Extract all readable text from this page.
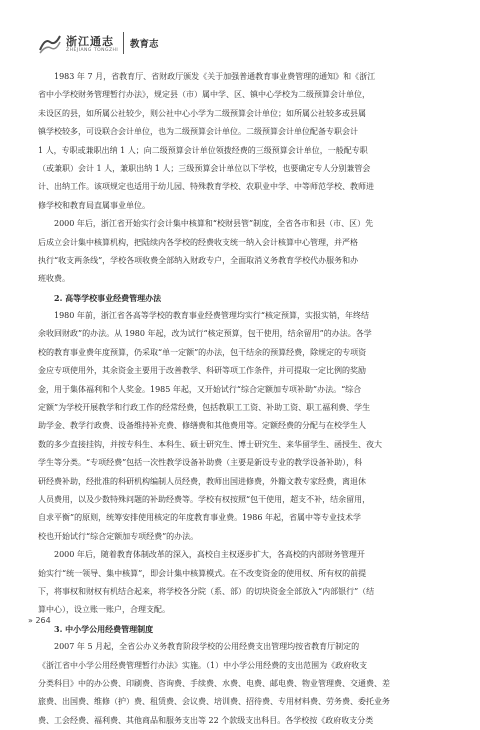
浙江通志
ZHEJIANG TONGZHI
教育志
1983 年 7 月，省教育厅、省财政厅颁发《关于加强普通教育事业费管理的通知》和《浙江
省中小学校财务管理暂行办法》，规定县（市）属中学、区、镇中心学校为二级预算会计单位，
未设区的县，如所属公社较少，则公社中心小学为二级预算会计单位；如所属公社较多或县属
镇学校较多，可设联合会计单位，也为二级预算会计单位。二级预算会计单位配备专职会计
1 人，专职或兼职出纳 1 人；向二级预算会计单位领拨经费的三级预算会计单位，一般配专职
（或兼职）会计 1 人，兼职出纳 1 人；三级预算会计单位以下学校，也要确定专人分别兼管会
计、出纳工作。该项规定也适用于幼儿园、特殊教育学校、农职业中学、中等师范学校、教师进
修学校和教育局直属事业单位。
2000 年后，浙江省开始实行会计集中核算和“校财县管”制度，全省各市和县（市、区）先
后成立会计集中核算机构，把陆续内各学校的经费收支统一纳入会计核算中心管理，并严格
执行“收支两条线”，学校各项收费全部纳入财政专户，全面取消义务教育学校代办服务和办
班收费。
2. 高等学校事业经费管理办法
1980 年前，浙江省各高等学校的教育事业经费管理均实行“核定预算，实报实销，年终结
余收回财政”的办法。从 1980 年起，改为试行“核定预算，包干使用，结余留用”的办法。各学
校的教育事业费年度预算，仍采取“单一定额”的办法，包干结余的预算经费，除规定的专项资
金应专项使用外，其余资金主要用于改善教学、科研等项工作条件，并可提取一定比例的奖励
金，用于集体福利和个人奖金。1985 年起，又开始试行“综合定额加专项补助”办法。“综合
定额”为学校开展教学和行政工作的经常经费，包括教职工工资、补助工资、职工福利费、学生
助学金、教学行政费、设备维持补充费、修缮费和其他费用等。定额经费的分配与在校学生人
数的多少直接挂钩，并按专科生、本科生、硕士研究生、博士研究生、来华留学生、函授生、夜大
学生等分类。“专项经费”包括一次性教学设备补助费（主要是新设专业的教学设备补助），科
研经费补助，经批准的科研机构编制人员经费，教师出国进修费，外籍文教专家经费，离退休
人员费用，以及少数特殊问题的补助经费等。学校有权按照“包干使用，超支不补，结余留用，
自求平衡”的原则，统筹安排使用核定的年度教育事业费。1986 年起，省属中等专业技术学
校也开始试行“综合定额加专项经费”的办法。
2000 年后，随着教育体制改革的深入，高校自主权逐步扩大，各高校的内部财务管理开
始实行“统一领导、集中核算”，即会计集中核算模式。在不改变资金的使用权、所有权的前提
下，将事权和财权有机结合起来，将学校各分院（系、部）的切块资金全部放入“内部银行”（结
算中心），设立账一账户，合理支配。
3. 中小学公用经费管理制度
2007 年 5 月起，全省公办义务教育阶段学校的公用经费支出管理均按省教育厅制定的
《浙江省中小学公用经费管理暂行办法》实施。（1）中小学公用经费的支出范围为《政府收支
分类科目》中的办公费、印刷费、咨询费、手续费、水费、电费、邮电费、物业管理费、交通费、差
旅费、出国费、维修（护）费、租赁费、会议费、培训费、招待费、专用材料费、劳务费、委托业务
费、工会经费、福利费、其他商品和服务支出等 22 个款级支出科目。各学校按《政府收支分类
» 264
